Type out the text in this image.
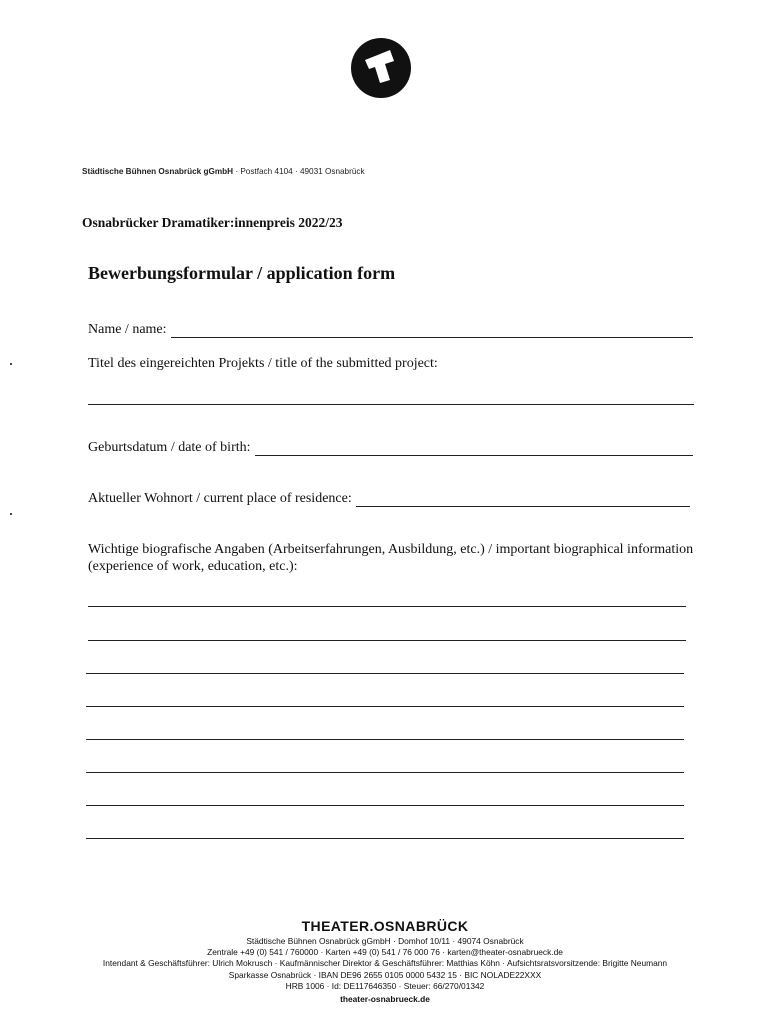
Städtische Bühnen Osnabrück gGmbH · Postfach 4104 · 49031 Osnabrück
Osnabrücker Dramatiker:innenpreis 2022/23
Bewerbungsformular / application form
Name / name:
Titel des eingereichten Projekts / title of the submitted project:
Geburtsdatum / date of birth:
Aktueller Wohnort / current place of residence:
Wichtige biografische Angaben (Arbeitserfahrungen, Ausbildung, etc.) / important biographical information (experience of work, education, etc.):
THEATER.OSNABRÜCK
Städtische Bühnen Osnabrück gGmbH · Domhof 10/11 · 49074 Osnabrück
Zentrale +49 (0) 541 / 760000 · Karten +49 (0) 541 / 76 000 76 · karten@theater-osnabrueck.de
Intendant & Geschäftsführer: Ulrich Mokrusch · Kaufmännischer Direktor & Geschäftsführer: Matthias Köhn · Aufsichtsratsvorsitzende: Brigitte Neumann
Sparkasse Osnabrück · IBAN DE96 2655 0105 0000 5432 15 · BIC NOLADE22XXX
HRB 1006 · Id: DE117646350 · Steuer: 66/270/01342
theater-osnabrueck.de
